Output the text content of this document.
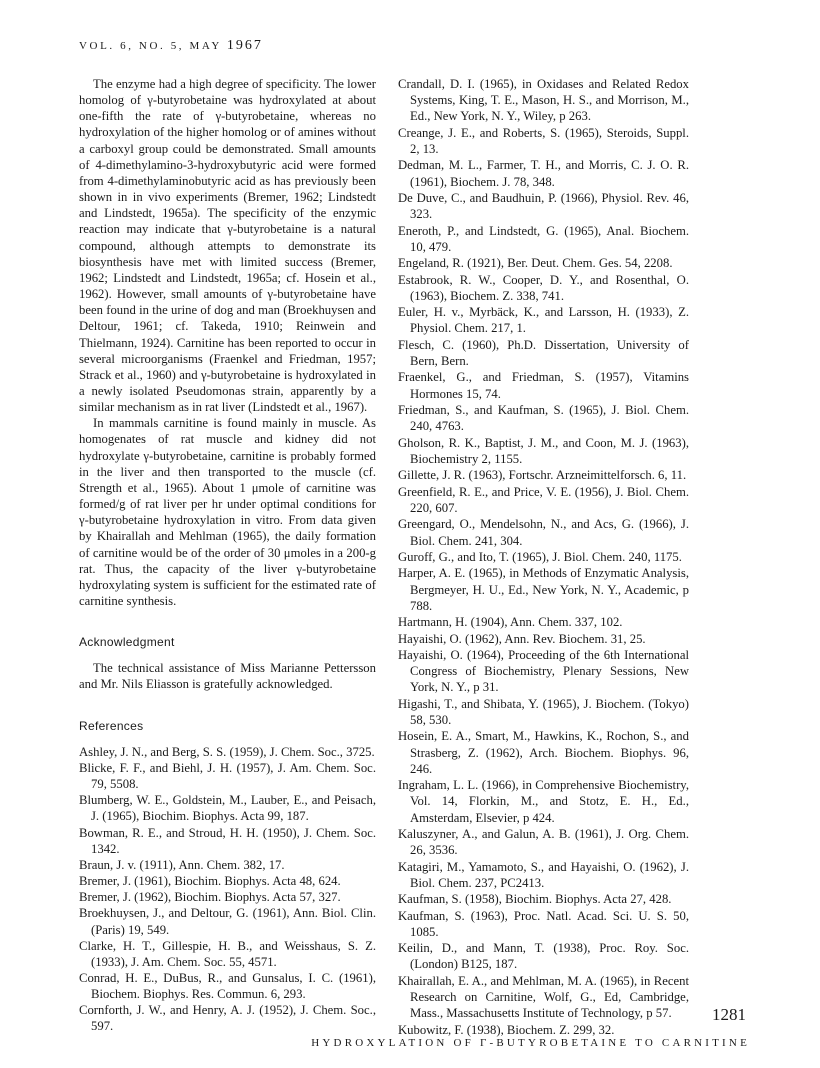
VOL. 6, NO. 5, MAY 1967

The enzyme had a high degree of specificity. The lower homolog of γ-butyrobetaine was hydroxylated at about one-fifth the rate of γ-butyrobetaine, whereas no hydroxylation of the higher homolog or of amines without a carboxyl group could be demonstrated. Small amounts of 4-dimethylamino-3-hydroxybutyric acid were formed from 4-dimethylaminobutyric acid as has previously been shown in in vivo experiments (Bremer, 1962; Lindstedt and Lindstedt, 1965a). The specificity of the enzymic reaction may indicate that γ-butyrobetaine is a natural compound, although attempts to demonstrate its biosynthesis have met with limited success (Bremer, 1962; Lindstedt and Lindstedt, 1965a; cf. Hosein et al., 1962). However, small amounts of γ-butyrobetaine have been found in the urine of dog and man (Broekhuysen and Deltour, 1961; cf. Takeda, 1910; Reinwein and Thielmann, 1924). Carnitine has been reported to occur in several microorganisms (Fraenkel and Friedman, 1957; Strack et al., 1960) and γ-butyrobetaine is hydroxylated in a newly isolated Pseudomonas strain, apparently by a similar mechanism as in rat liver (Lindstedt et al., 1967).

In mammals carnitine is found mainly in muscle. As homogenates of rat muscle and kidney did not hydroxylate γ-butyrobetaine, carnitine is probably formed in the liver and then transported to the muscle (cf. Strength et al., 1965). About 1 μmole of carnitine was formed/g of rat liver per hr under optimal conditions for γ-butyrobetaine hydroxylation in vitro. From data given by Khairallah and Mehlman (1965), the daily formation of carnitine would be of the order of 30 μmoles in a 200-g rat. Thus, the capacity of the liver γ-butyrobetaine hydroxylating system is sufficient for the estimated rate of carnitine synthesis.

Acknowledgment

The technical assistance of Miss Marianne Pettersson and Mr. Nils Eliasson is gratefully acknowledged.

References
Ashley, J. N., and Berg, S. S. (1959), J. Chem. Soc., 3725.
Blicke, F. F., and Biehl, J. H. (1957), J. Am. Chem. Soc. 79, 5508.
Blumberg, W. E., Goldstein, M., Lauber, E., and Peisach, J. (1965), Biochim. Biophys. Acta 99, 187.
Bowman, R. E., and Stroud, H. H. (1950), J. Chem. Soc. 1342.
Braun, J. v. (1911), Ann. Chem. 382, 17.
Bremer, J. (1961), Biochim. Biophys. Acta 48, 624.
Bremer, J. (1962), Biochim. Biophys. Acta 57, 327.
Broekhuysen, J., and Deltour, G. (1961), Ann. Biol. Clin. (Paris) 19, 549.
Clarke, H. T., Gillespie, H. B., and Weisshaus, S. Z. (1933), J. Am. Chem. Soc. 55, 4571.
Conrad, H. E., DuBus, R., and Gunsalus, I. C. (1961), Biochem. Biophys. Res. Commun. 6, 293.
Cornforth, J. W., and Henry, A. J. (1952), J. Chem. Soc., 597.
Crandall, D. I. (1965), in Oxidases and Related Redox Systems, King, T. E., Mason, H. S., and Morrison, M., Ed., New York, N. Y., Wiley, p 263.
Creange, J. E., and Roberts, S. (1965), Steroids, Suppl. 2, 13.
Dedman, M. L., Farmer, T. H., and Morris, C. J. O. R. (1961), Biochem. J. 78, 348.
De Duve, C., and Baudhuin, P. (1966), Physiol. Rev. 46, 323.
Eneroth, P., and Lindstedt, G. (1965), Anal. Biochem. 10, 479.
Engeland, R. (1921), Ber. Deut. Chem. Ges. 54, 2208.
Estabrook, R. W., Cooper, D. Y., and Rosenthal, O. (1963), Biochem. Z. 338, 741.
Euler, H. v., Myrbäck, K., and Larsson, H. (1933), Z. Physiol. Chem. 217, 1.
Flesch, C. (1960), Ph.D. Dissertation, University of Bern, Bern.
Fraenkel, G., and Friedman, S. (1957), Vitamins Hormones 15, 74.
Friedman, S., and Kaufman, S. (1965), J. Biol. Chem. 240, 4763.
Gholson, R. K., Baptist, J. M., and Coon, M. J. (1963), Biochemistry 2, 1155.
Gillette, J. R. (1963), Fortschr. Arzneimittelforsch. 6, 11.
Greenfield, R. E., and Price, V. E. (1956), J. Biol. Chem. 220, 607.
Greengard, O., Mendelsohn, N., and Acs, G. (1966), J. Biol. Chem. 241, 304.
Guroff, G., and Ito, T. (1965), J. Biol. Chem. 240, 1175.
Harper, A. E. (1965), in Methods of Enzymatic Analysis, Bergmeyer, H. U., Ed., New York, N. Y., Academic, p 788.
Hartmann, H. (1904), Ann. Chem. 337, 102.
Hayaishi, O. (1962), Ann. Rev. Biochem. 31, 25.
Hayaishi, O. (1964), Proceeding of the 6th International Congress of Biochemistry, Plenary Sessions, New York, N. Y., p 31.
Higashi, T., and Shibata, Y. (1965), J. Biochem. (Tokyo) 58, 530.
Hosein, E. A., Smart, M., Hawkins, K., Rochon, S., and Strasberg, Z. (1962), Arch. Biochem. Biophys. 96, 246.
Ingraham, L. L. (1966), in Comprehensive Biochemistry, Vol. 14, Florkin, M., and Stotz, E. H., Ed., Amsterdam, Elsevier, p 424.
Kaluszyner, A., and Galun, A. B. (1961), J. Org. Chem. 26, 3536.
Katagiri, M., Yamamoto, S., and Hayaishi, O. (1962), J. Biol. Chem. 237, PC2413.
Kaufman, S. (1958), Biochim. Biophys. Acta 27, 428.
Kaufman, S. (1963), Proc. Natl. Acad. Sci. U. S. 50, 1085.
Keilin, D., and Mann, T. (1938), Proc. Roy. Soc. (London) B125, 187.
Khairallah, E. A., and Mehlman, M. A. (1965), in Recent Research on Carnitine, Wolf, G., Ed, Cambridge, Mass., Massachusetts Institute of Technology, p 57.
Kubowitz, F. (1938), Biochem. Z. 299, 32.
1281
HYDROXYLATION OF Γ-BUTYROBETAINE TO CARNITINE
